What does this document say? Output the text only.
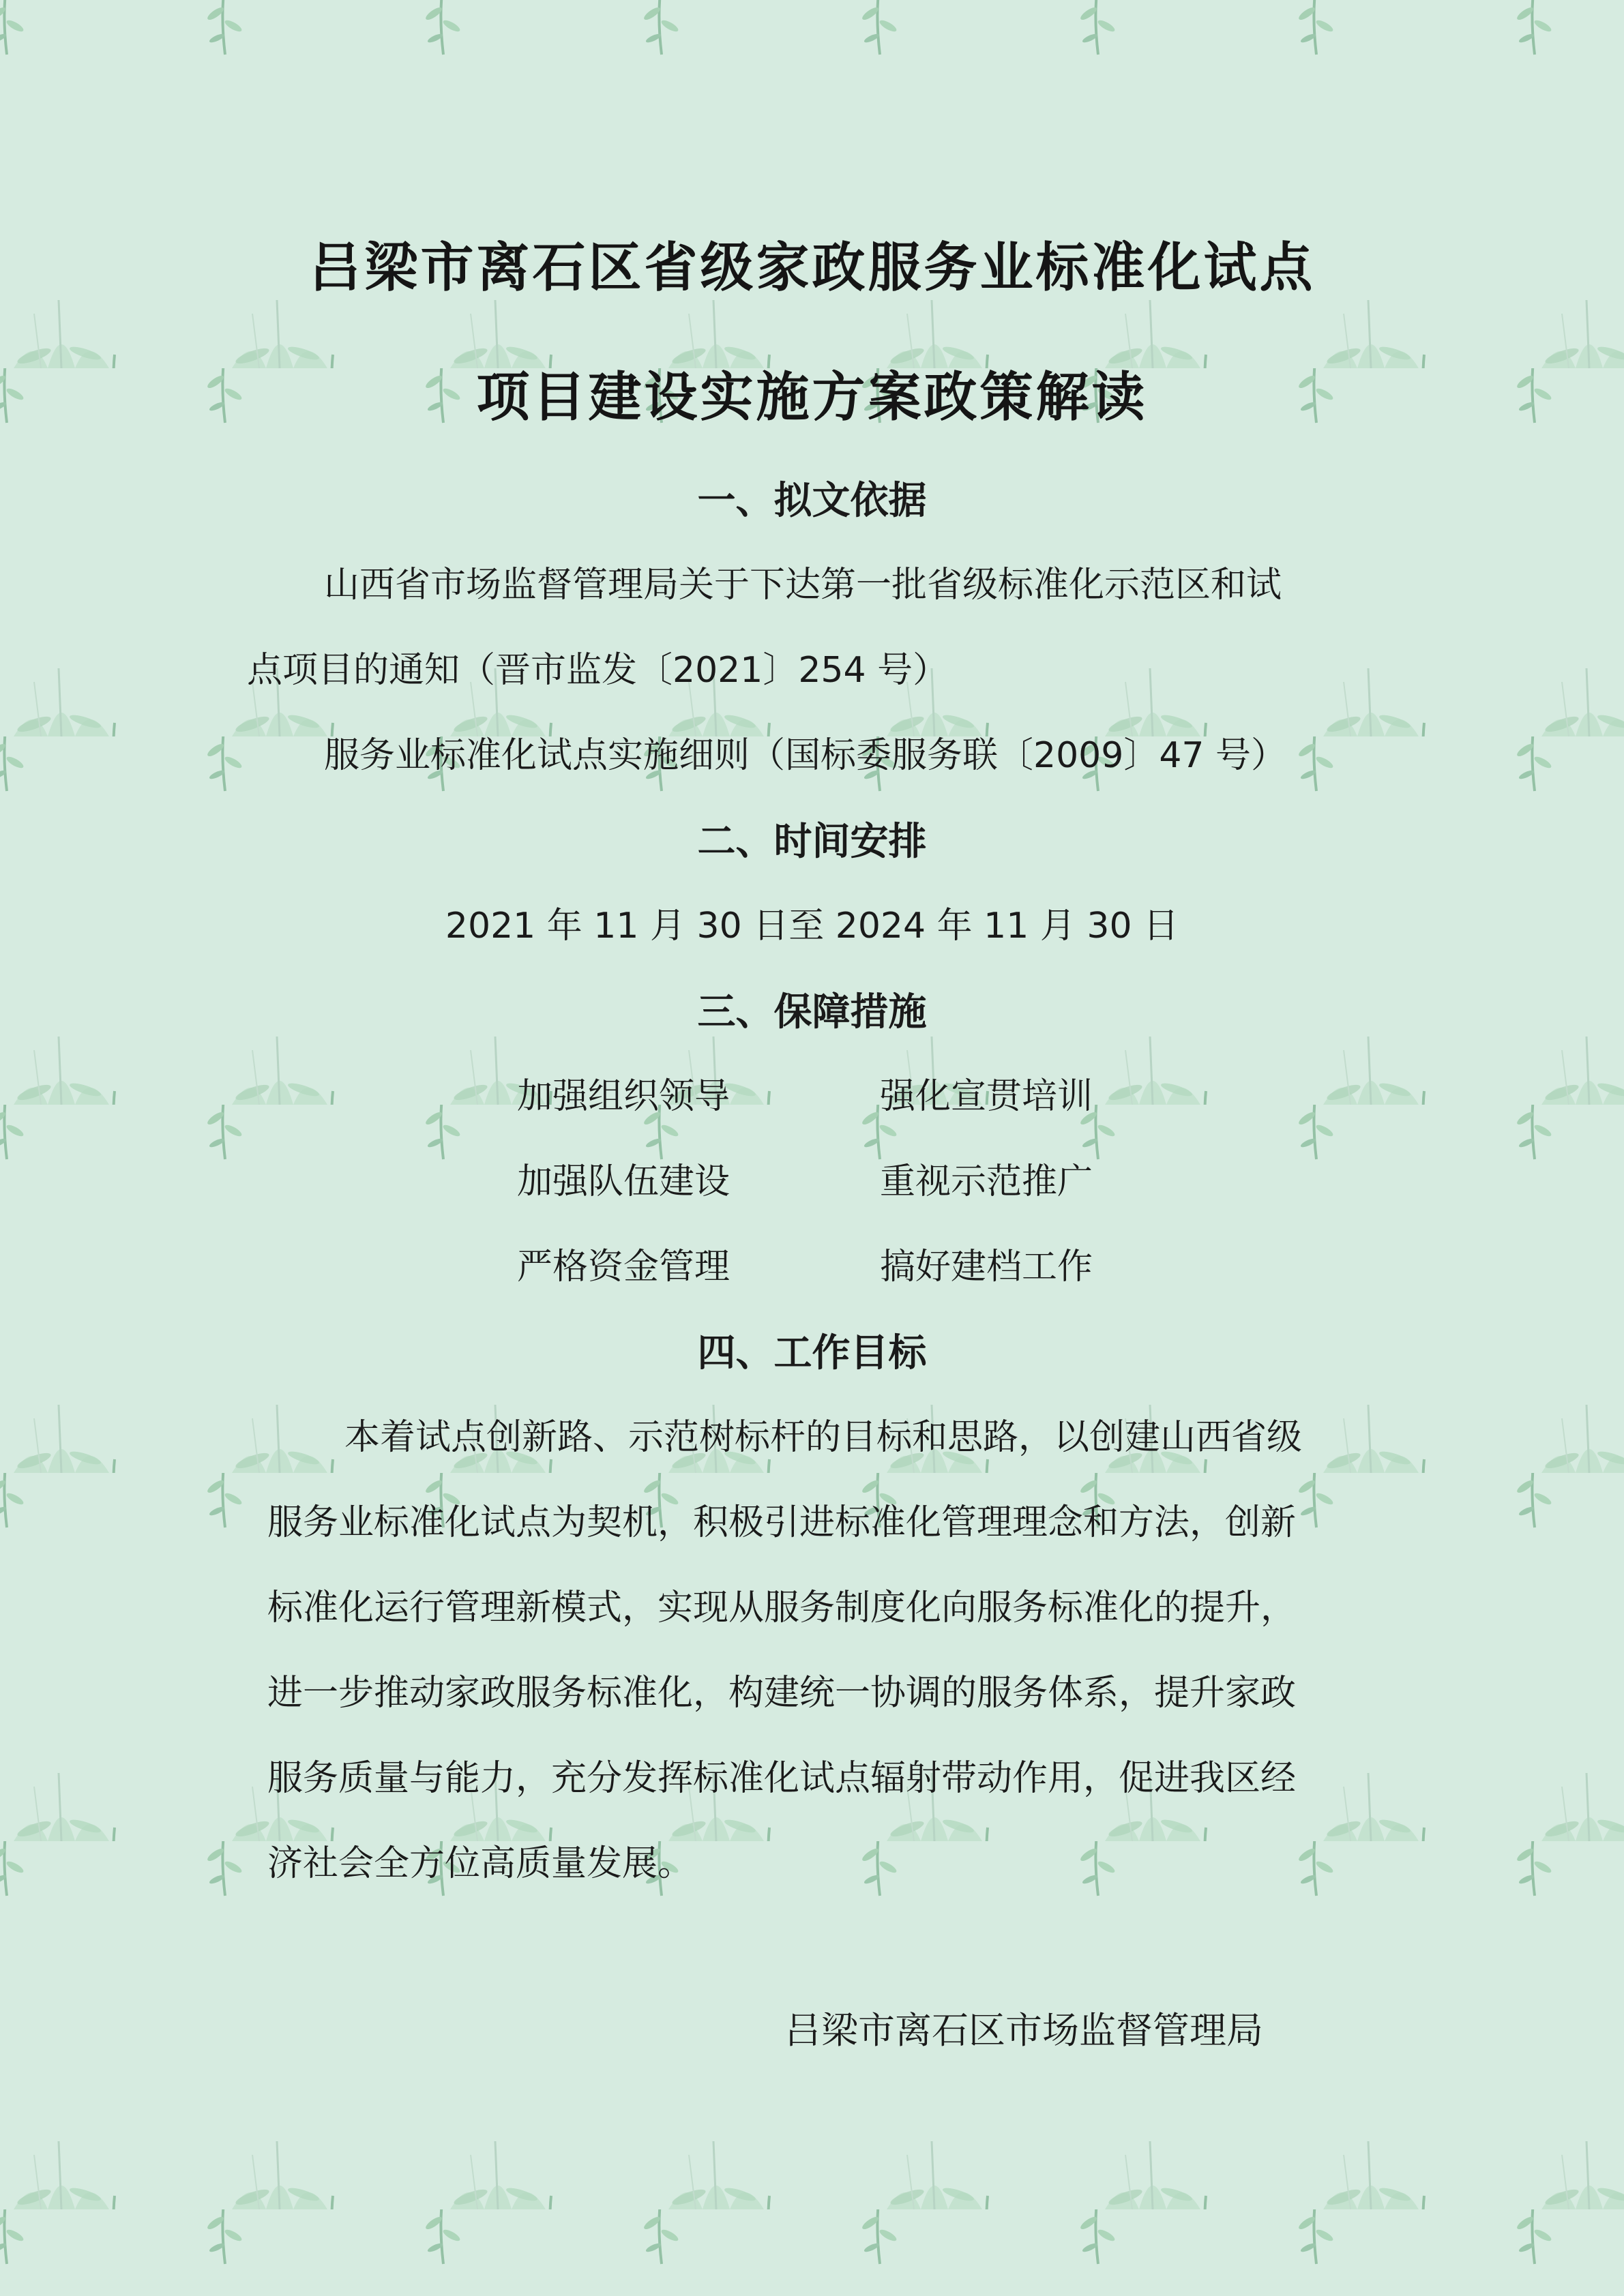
吕梁市离石区省级家政服务业标准化试点
项目建设实施方案政策解读
一、拟文依据
山西省市场监督管理局关于下达第一批省级标准化示范区和试
点项目的通知（晋市监发〔2021〕254 号）
服务业标准化试点实施细则（国标委服务联〔2009〕47 号）
二、时间安排
2021 年 11 月 30 日至 2024 年 11 月 30 日
三、保障措施
加强组织领导	强化宣贯培训
加强队伍建设	重视示范推广
严格资金管理	搞好建档工作
四、工作目标
本着试点创新路、示范树标杆的目标和思路，以创建山西省级
服务业标准化试点为契机，积极引进标准化管理理念和方法，创新
标准化运行管理新模式，实现从服务制度化向服务标准化的提升，
进一步推动家政服务标准化，构建统一协调的服务体系，提升家政
服务质量与能力，充分发挥标准化试点辐射带动作用，促进我区经
济社会全方位高质量发展。
吕梁市离石区市场监督管理局
